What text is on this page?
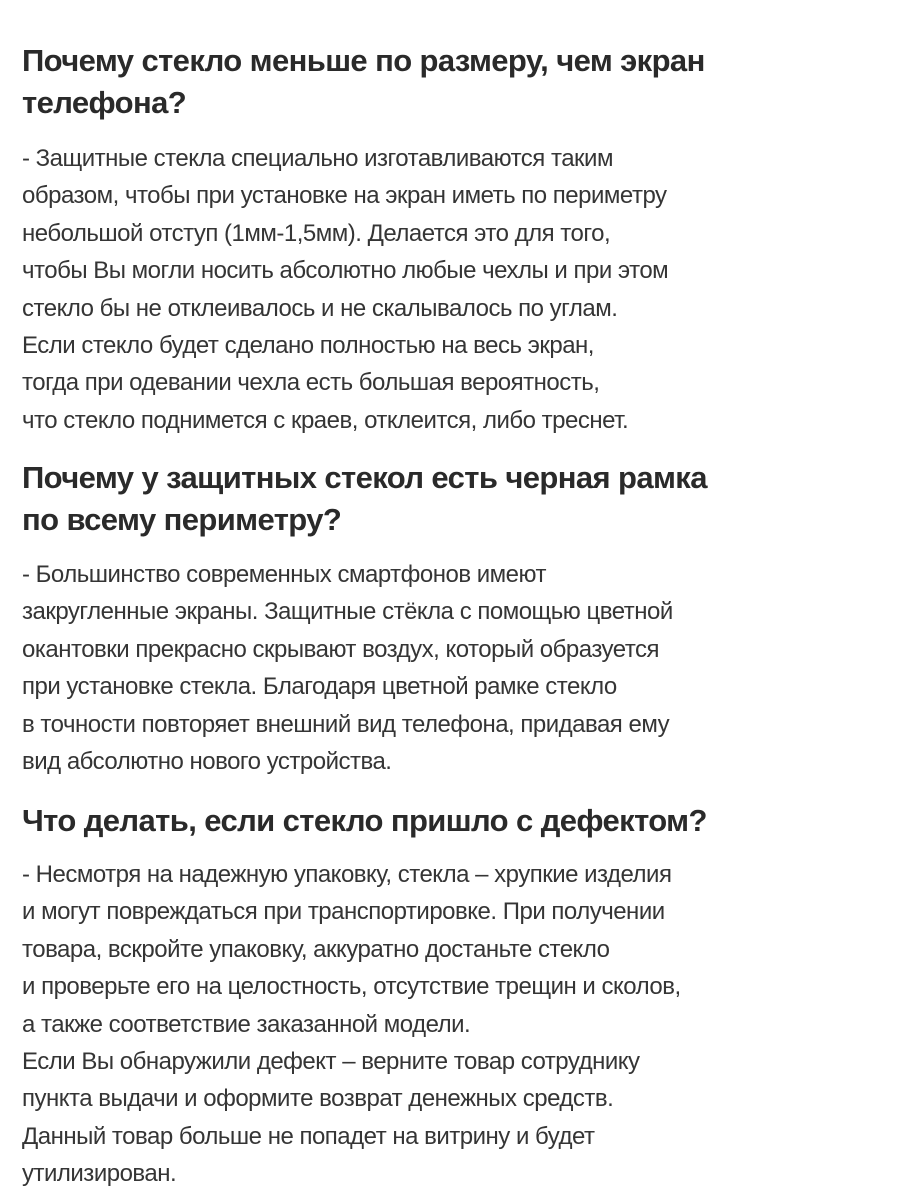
Почему стекло меньше по размеру, чем экран
телефона?

- Защитные стекла специально изготавливаются таким
образом, чтобы при установке на экран иметь по периметру
небольшой отступ (1мм-1,5мм). Делается это для того,
чтобы Вы могли носить абсолютно любые чехлы и при этом
стекло бы не отклеивалось и не скалывалось по углам.
Если стекло будет сделано полностью на весь экран,
тогда при одевании чехла есть большая вероятность,
что стекло поднимется с краев, отклеится, либо треснет.

Почему у защитных стекол есть черная рамка
по всему периметру?

- Большинство современных смартфонов имеют
закругленные экраны. Защитные стёкла с помощью цветной
окантовки прекрасно скрывают воздух, который образуется
при установке стекла. Благодаря цветной рамке стекло
в точности повторяет внешний вид телефона, придавая ему
вид абсолютно нового устройства.

Что делать, если стекло пришло с дефектом?

- Несмотря на надежную упаковку, стекла – хрупкие изделия
и могут повреждаться при транспортировке. При получении
товара, вскройте упаковку, аккуратно достаньте стекло
и проверьте его на целостность, отсутствие трещин и сколов,
а также соответствие заказанной модели.
Если Вы обнаружили дефект – верните товар сотруднику
пункта выдачи и оформите возврат денежных средств.
Данный товар больше не попадет на витрину и будет
утилизирован.
